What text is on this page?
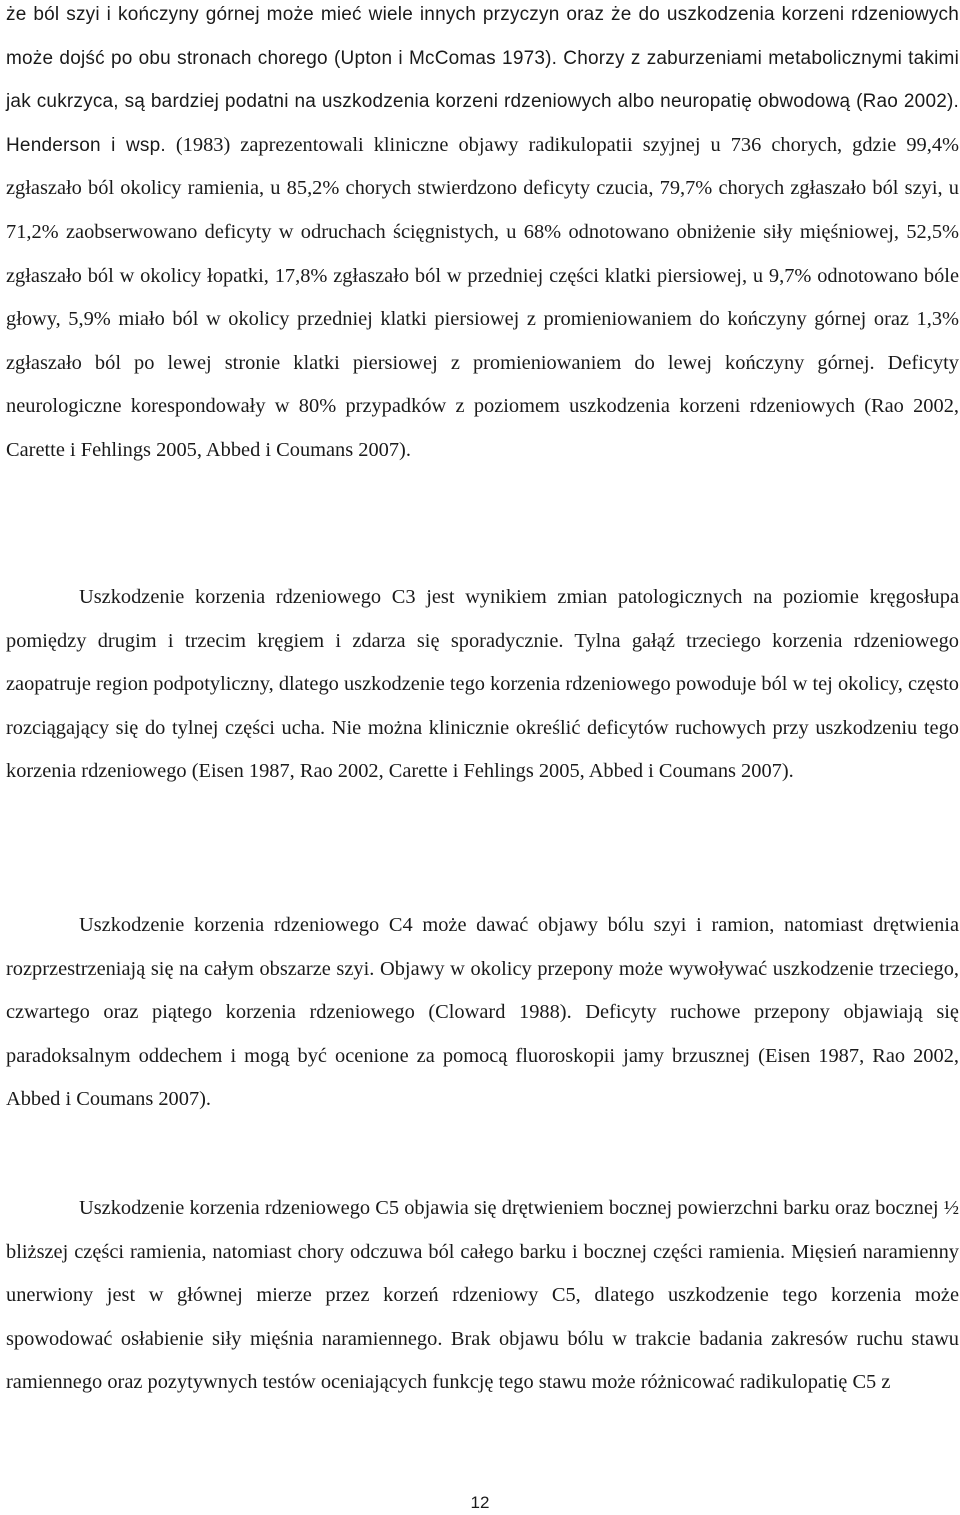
że ból szyi i kończyny górnej może mieć wiele innych przyczyn oraz że do uszkodzenia korzeni rdzeniowych może dojść po obu stronach chorego (Upton i McComas 1973). Chorzy z zaburzeniami metabolicznymi takimi jak cukrzyca, są bardziej podatni na uszkodzenia korzeni rdzeniowych albo neuropatię obwodową (Rao 2002). Henderson i wsp. (1983) zaprezentowali kliniczne objawy radikulopatii szyjnej u 736 chorych, gdzie 99,4% zgłaszało ból okolicy ramienia, u 85,2% chorych stwierdzono deficyty czucia, 79,7% chorych zgłaszało ból szyi, u 71,2% zaobserwowano deficyty w odruchach ścięgnistych, u 68% odnotowano obniżenie siły mięśniowej, 52,5% zgłaszało ból w okolicy łopatki, 17,8% zgłaszało ból w przedniej części klatki piersiowej, u 9,7% odnotowano bóle głowy, 5,9% miało ból w okolicy przedniej klatki piersiowej z promieniowaniem do kończyny górnej oraz 1,3% zgłaszało ból po lewej stronie klatki piersiowej z promieniowaniem do lewej kończyny górnej. Deficyty neurologiczne korespondowały w 80% przypadków z poziomem uszkodzenia korzeni rdzeniowych (Rao 2002, Carette i Fehlings 2005, Abbed i Coumans 2007).

Uszkodzenie korzenia rdzeniowego C3 jest wynikiem zmian patologicznych na poziomie kręgosłupa pomiędzy drugim i trzecim kręgiem i zdarza się sporadycznie. Tylna gałąź trzeciego korzenia rdzeniowego zaopatruje region podpotyliczny, dlatego uszkodzenie tego korzenia rdzeniowego powoduje ból w tej okolicy, często rozciągający się do tylnej części ucha. Nie można klinicznie określić deficytów ruchowych przy uszkodzeniu tego korzenia rdzeniowego (Eisen 1987, Rao 2002, Carette i Fehlings 2005, Abbed i Coumans 2007).

Uszkodzenie korzenia rdzeniowego C4 może dawać objawy bólu szyi i ramion, natomiast drętwienia rozprzestrzeniają się na całym obszarze szyi. Objawy w okolicy przepony może wywoływać uszkodzenie trzeciego, czwartego oraz piątego korzenia rdzeniowego (Cloward 1988). Deficyty ruchowe przepony objawiają się paradoksalnym oddechem i mogą być ocenione za pomocą fluoroskopii jamy brzusznej (Eisen 1987, Rao 2002, Abbed i Coumans 2007).

Uszkodzenie korzenia rdzeniowego C5 objawia się drętwieniem bocznej powierzchni barku oraz bocznej ½ bliższej części ramienia, natomiast chory odczuwa ból całego barku i bocznej części ramienia. Mięsień naramienny unerwiony jest w głównej mierze przez korzeń rdzeniowy C5, dlatego uszkodzenie tego korzenia może spowodować osłabienie siły mięśnia naramiennego. Brak objawu bólu w trakcie badania zakresów ruchu stawu ramiennego oraz pozytywnych testów oceniających funkcję tego stawu może różnicować radikulopatię C5 z

12
